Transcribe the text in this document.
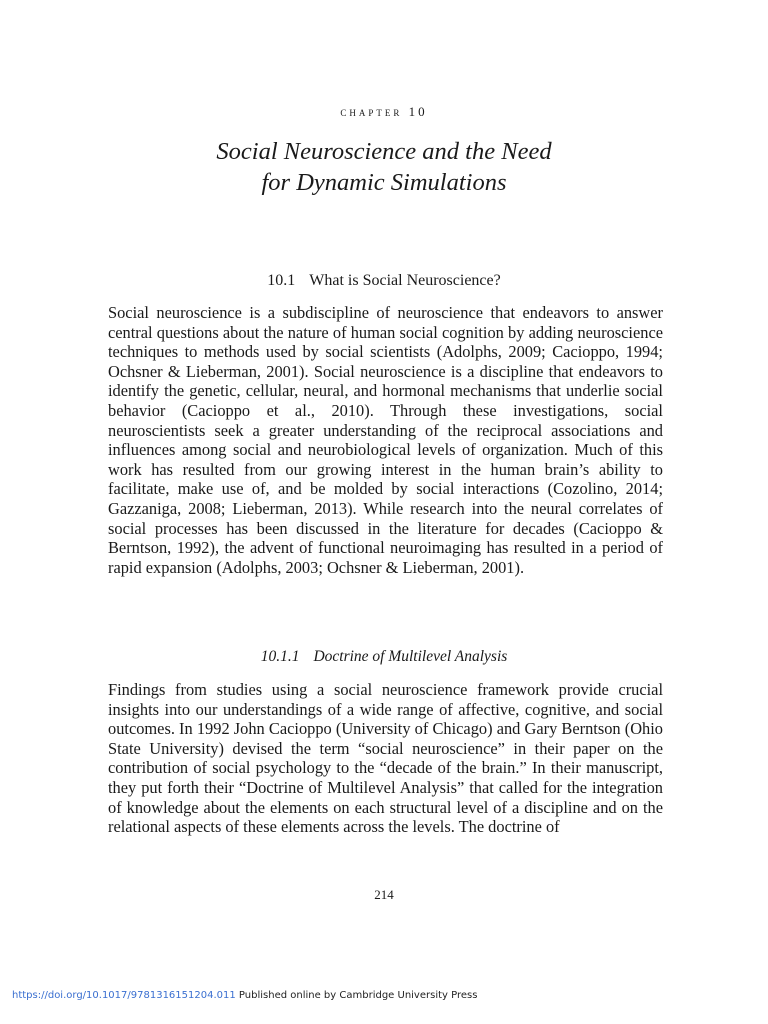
chapter 10
Social Neuroscience and the Need
for Dynamic Simulations
10.1 What is Social Neuroscience?

Social neuroscience is a subdiscipline of neuroscience that endeavors to answer central questions about the nature of human social cognition by adding neuroscience techniques to methods used by social scientists (Adolphs, 2009; Cacioppo, 1994; Ochsner & Lieberman, 2001). Social neuroscience is a discipline that endeavors to identify the genetic, cellular, neural, and hormonal mechanisms that underlie social behavior (Cacioppo et al., 2010). Through these investigations, social neuroscientists seek a greater understanding of the reciprocal associations and influences among social and neurobiological levels of organization. Much of this work has resulted from our growing interest in the human brain’s ability to facilitate, make use of, and be molded by social interactions (Cozolino, 2014; Gazzaniga, 2008; Lieberman, 2013). While research into the neural correlates of social processes has been discussed in the literature for decades (Cacioppo & Berntson, 1992), the advent of functional neuroimaging has resulted in a period of rapid expansion (Adolphs, 2003; Ochsner & Lieberman, 2001).

10.1.1 Doctrine of Multilevel Analysis

Findings from studies using a social neuroscience framework provide crucial insights into our understandings of a wide range of affective, cognitive, and social outcomes. In 1992 John Cacioppo (University of Chicago) and Gary Berntson (Ohio State University) devised the term “social neuroscience” in their paper on the contribution of social psychology to the “decade of the brain.” In their manuscript, they put forth their “Doctrine of Multilevel Analysis” that called for the integration of knowledge about the elements on each structural level of a discipline and on the relational aspects of these elements across the levels. The doctrine of

214
https://doi.org/10.1017/9781316151204.011 Published online by Cambridge University Press
